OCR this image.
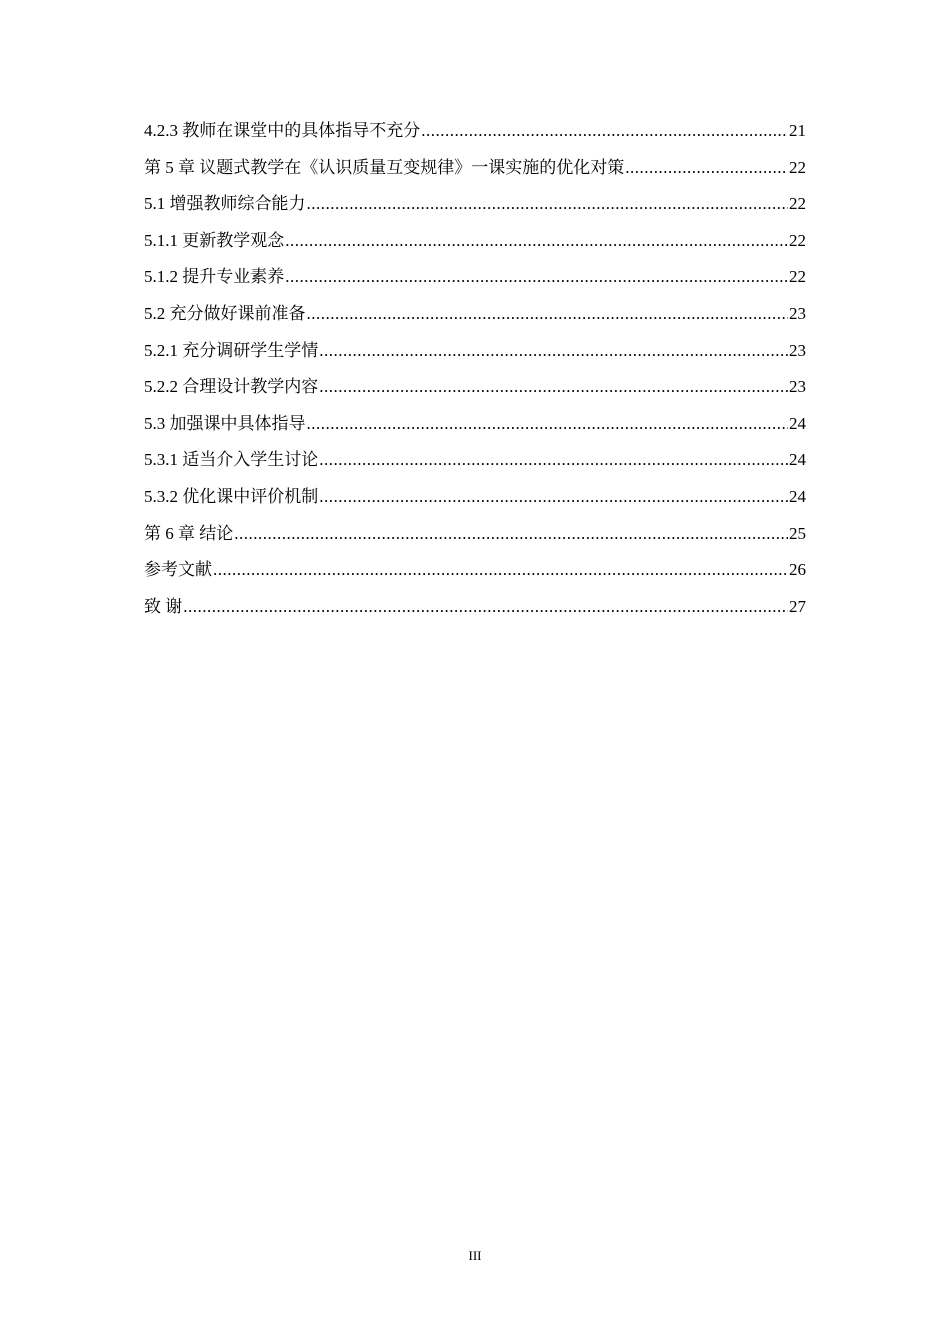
4.2.3 教师在课堂中的具体指导不充分 .....	21
第 5 章 议题式教学在《认识质量互变规律》一课实施的优化对策 .....	22
5.1 增强教师综合能力 .....	22
5.1.1 更新教学观念 .....	22
5.1.2 提升专业素养 .....	22
5.2 充分做好课前准备 .....	23
5.2.1 充分调研学生学情 .....	23
5.2.2 合理设计教学内容 .....	23
5.3 加强课中具体指导 .....	24
5.3.1 适当介入学生讨论 .....	24
5.3.2 优化课中评价机制 .....	24
第 6 章 结论 .....	25
参考文献 .....	26
致 谢 .....	27
III
